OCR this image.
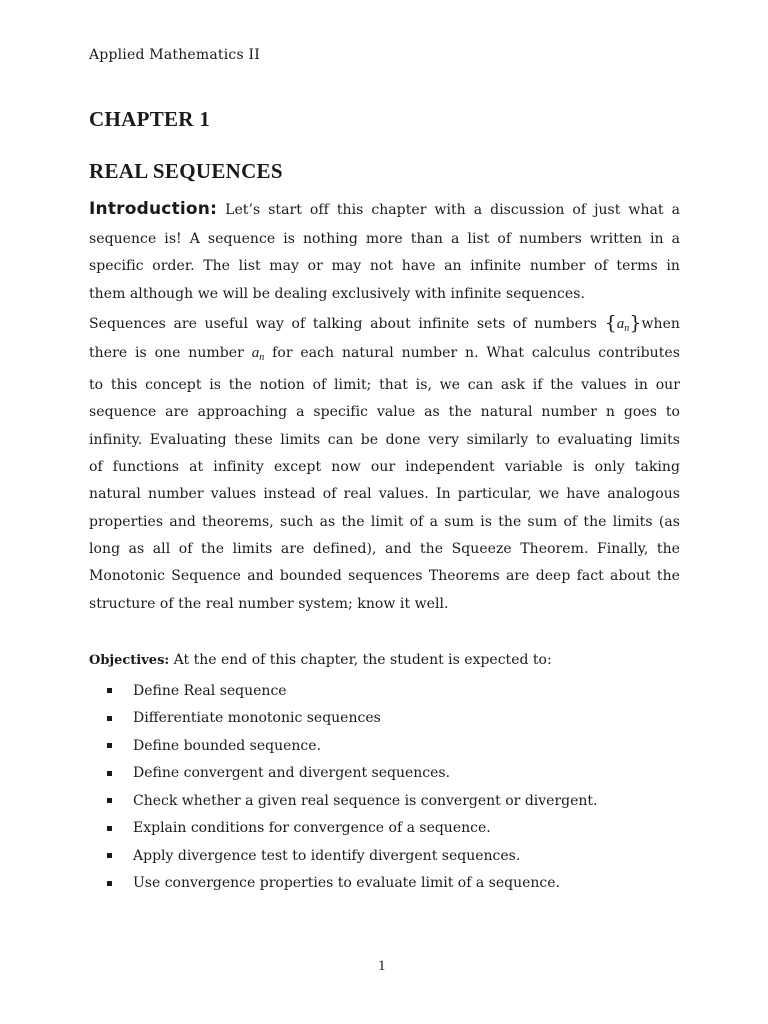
Applied Mathematics II
CHAPTER 1
REAL SEQUENCES
Introduction: Let’s start off this chapter with a discussion of just what a
sequence is! A sequence is nothing more than a list of numbers written in a
specific order. The list may or may not have an infinite number of terms in
them although we will be dealing exclusively with infinite sequences.
Sequences are useful way of talking about infinite sets of numbers $\{a_n\}when$
there is one number $a_n$ for each natural number n. What calculus contributes
to this concept is the notion of limit; that is, we can ask if the values in our
sequence are approaching a specific value as the natural number n goes to
infinity. Evaluating these limits can be done very similarly to evaluating limits
of functions at infinity except now our independent variable is only taking
natural number values instead of real values. In particular, we have analogous
properties and theorems, such as the limit of a sum is the sum of the limits (as
long as all of the limits are defined), and the Squeeze Theorem. Finally, the
Monotonic Sequence and bounded sequences Theorems are deep fact about the
structure of the real number system; know it well.
Objectives: At the end of this chapter, the student is expected to:
Define Real sequence
Differentiate monotonic sequences
Define bounded sequence.
Define convergent and divergent sequences.
Check whether a given real sequence is convergent or divergent.
Explain conditions for convergence of a sequence.
Apply divergence test to identify divergent sequences.
Use convergence properties to evaluate limit of a sequence.
1
